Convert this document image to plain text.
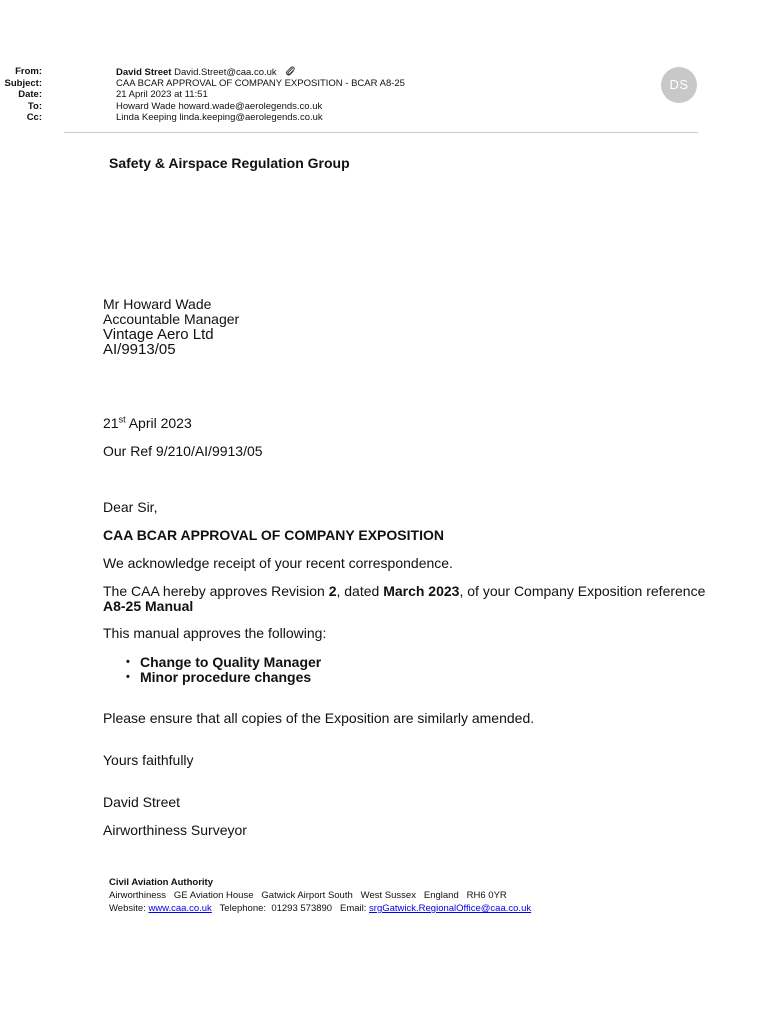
From:	David Street David.Street@caa.co.uk
Subject:	CAA BCAR APPROVAL OF COMPANY EXPOSITION - BCAR A8-25
Date:	21 April 2023 at 11:51
To:	Howard Wade howard.wade@aerolegends.co.uk
Cc:	Linda Keeping linda.keeping@aerolegends.co.uk
DS
Safety & Airspace Regulation Group
Mr Howard Wade
Accountable Manager
Vintage Aero Ltd
AI/9913/05

21st April 2023

Our Ref 9/210/AI/9913/05

Dear Sir,

CAA BCAR APPROVAL OF COMPANY EXPOSITION

We acknowledge receipt of your recent correspondence.

The CAA hereby approves Revision 2, dated March 2023, of your Company Exposition reference
A8-25 Manual

This manual approves the following:

• Change to Quality Manager
• Minor procedure changes

Please ensure that all copies of the Exposition are similarly amended.

Yours faithfully

David Street

Airworthiness Surveyor

Civil Aviation Authority
Airworthiness   GE Aviation House   Gatwick Airport South   West Sussex   England   RH6 0YR
Website: www.caa.co.uk   Telephone:  01293 573890   Email: srgGatwick.RegionalOffice@caa.co.uk
